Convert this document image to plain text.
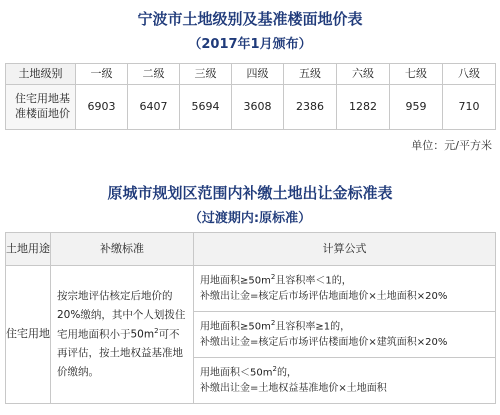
宁波市土地级别及基准楼面地价表
（2017年1月颁布）
土地级别	一级	二级	三级	四级	五级	六级	七级	八级
住宅用地基准楼面地价	6903	6407	5694	3608	2386	1282	959	710
单位：元/平方米
原城市规划区范围内补缴土地出让金标准表
（过渡期内:原标准）
土地用途	补缴标准	计算公式
住宅用地	按宗地评估核定后地价的20%缴纳，其中个人划拨住宅用地面积小于$50m^2$可不再评估，按土地权益基准地价缴纳。	用地面积$\ge 50m^2$且容积率＜1的，
补缴出让金=核定后市场评估地面地价×土地面积×20%

		用地面积$\ge 50m^2$且容积率≥1的，
补缴出让金=核定后市场评估楼面地价×建筑面积×20%

		用地面积$<50m^2$的，
补缴出让金=土地权益基准地价×土地面积
